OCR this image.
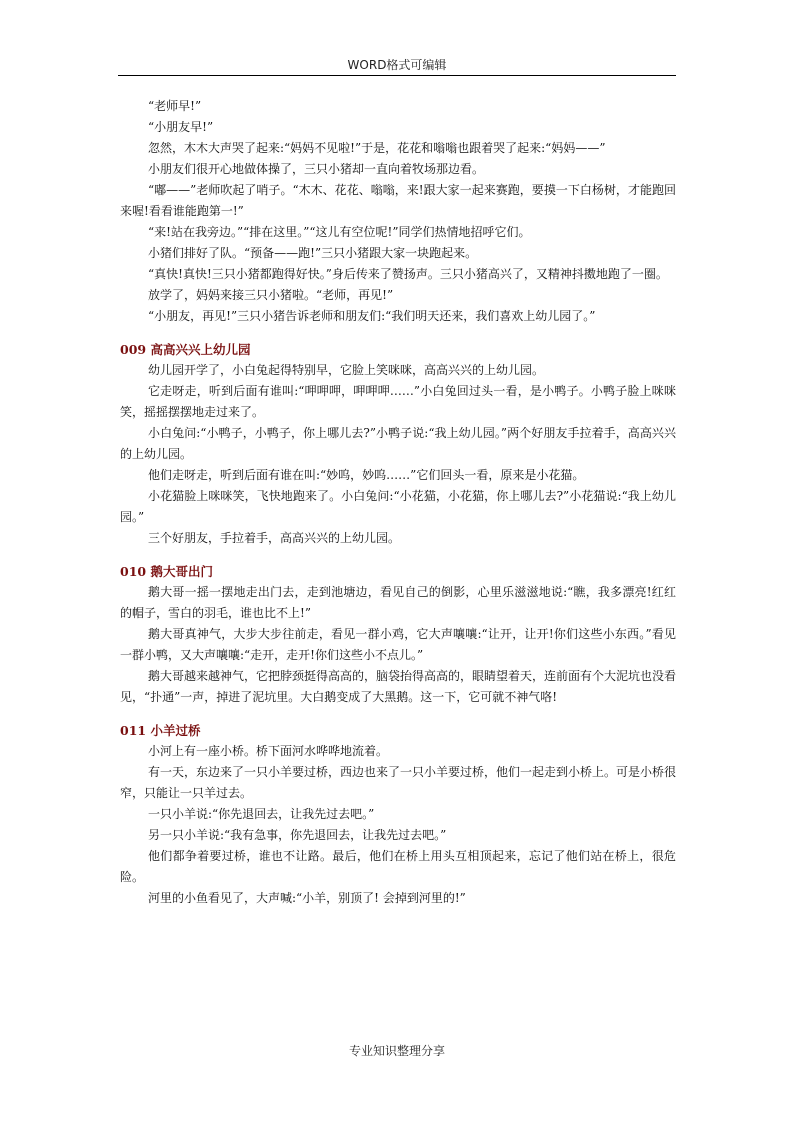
WORD格式可编辑

“老师早!”

“小朋友早!”

忽然，木木大声哭了起来:“妈妈不见啦!”于是，花花和嗡嗡也跟着哭了起来:“妈妈——”

小朋友们很开心地做体操了，三只小猪却一直向着牧场那边看。

“嘟——”老师吹起了哨子。“木木、花花、嗡嗡，来!跟大家一起来赛跑，要摸一下白杨树，才能跑回来喔!看看谁能跑第一!”

“来!站在我旁边。”“排在这里。”“这儿有空位呢!”同学们热情地招呼它们。

小猪们排好了队。“预备——跑!”三只小猪跟大家一块跑起来。

“真快!真快!三只小猪都跑得好快。”身后传来了赞扬声。三只小猪高兴了，又精神抖擞地跑了一圈。

放学了，妈妈来接三只小猪啦。“老师，再见!”

“小朋友，再见!”三只小猪告诉老师和朋友们:“我们明天还来，我们喜欢上幼儿园了。”

009 高高兴兴上幼儿园

幼儿园开学了，小白兔起得特别早，它脸上笑咪咪，高高兴兴的上幼儿园。

它走呀走，听到后面有谁叫:“呷呷呷，呷呷呷……”小白兔回过头一看，是小鸭子。小鸭子脸上咪咪笑，摇摇摆摆地走过来了。

小白兔问:“小鸭子，小鸭子，你上哪儿去?”小鸭子说:“我上幼儿园。”两个好朋友手拉着手，高高兴兴的上幼儿园。

他们走呀走，听到后面有谁在叫:“妙呜，妙呜……”它们回头一看，原来是小花猫。

小花猫脸上咪咪笑，飞快地跑来了。小白兔问:“小花猫，小花猫，你上哪儿去?”小花猫说:“我上幼儿园。”

三个好朋友，手拉着手，高高兴兴的上幼儿园。

010 鹅大哥出门

鹅大哥一摇一摆地走出门去，走到池塘边，看见自己的倒影，心里乐滋滋地说:“瞧，我多漂亮!红红的帽子，雪白的羽毛，谁也比不上!”

鹅大哥真神气，大步大步往前走，看见一群小鸡，它大声嚷嚷:“让开，让开!你们这些小东西。”看见一群小鸭，又大声嚷嚷:“走开，走开!你们这些小不点儿。”

鹅大哥越来越神气，它把脖颈挺得高高的，脑袋抬得高高的，眼睛望着天，连前面有个大泥坑也没看见，“扑通”一声，掉进了泥坑里。大白鹅变成了大黑鹅。这一下，它可就不神气咯!

011 小羊过桥

小河上有一座小桥。桥下面河水哗哗地流着。

有一天，东边来了一只小羊要过桥，西边也来了一只小羊要过桥，他们一起走到小桥上。可是小桥很窄，只能让一只羊过去。

一只小羊说:“你先退回去，让我先过去吧。”

另一只小羊说:“我有急事，你先退回去，让我先过去吧。”

他们都争着要过桥，谁也不让路。最后，他们在桥上用头互相顶起来，忘记了他们站在桥上，很危险。

河里的小鱼看见了，大声喊:“小羊，别顶了! 会掉到河里的!”

专业知识整理分享
